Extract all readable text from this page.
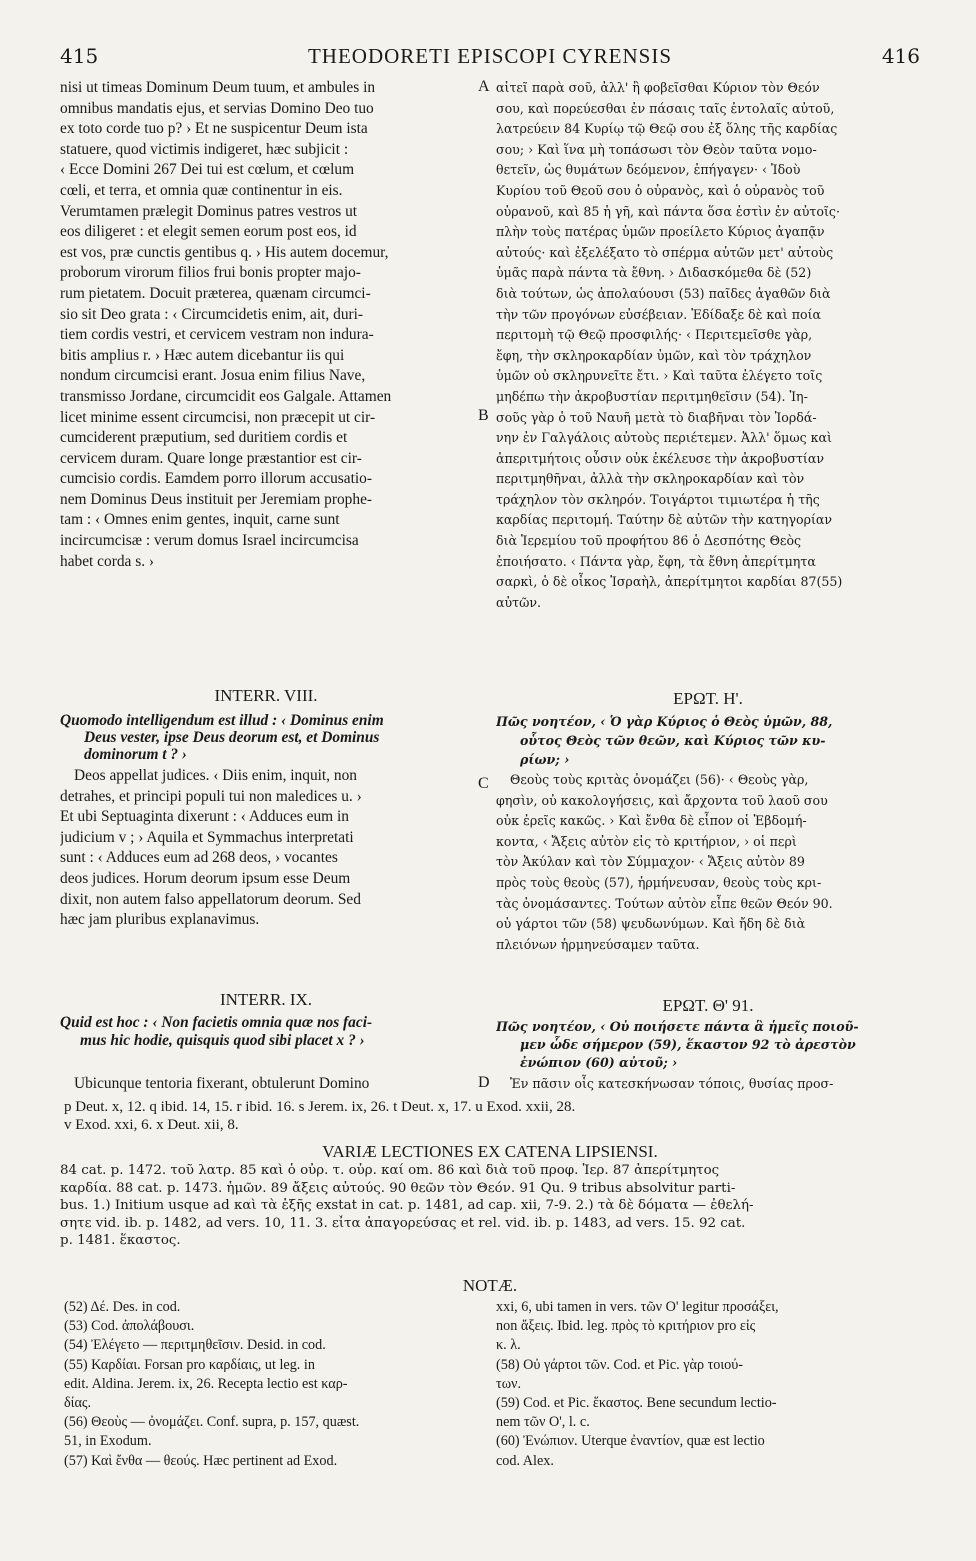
415	THEODORETI EPISCOPI CYRENSIS	416
A
B
C
D
nisi ut timeas Dominum Deum tuum, et ambules in
omnibus mandatis ejus, et servias Domino Deo tuo
ex toto corde tuo p? › Et ne suspicentur Deum ista
statuere, quod victimis indigeret, hæc subjicit :
‹ Ecce Domini 267 Dei tui est cœlum, et cœlum
cœli, et terra, et omnia quæ continentur in eis.
Verumtamen prælegit Dominus patres vestros ut
eos diligeret : et elegit semen eorum post eos, id
est vos, præ cunctis gentibus q. › His autem docemur,
proborum virorum filios frui bonis propter majo-
rum pietatem. Docuit præterea, quænam circumci-
sio sit Deo grata : ‹ Circumcidetis enim, ait, duri-
tiem cordis vestri, et cervicem vestram non indura-
bitis amplius r. › Hæc autem dicebantur iis qui
nondum circumcisi erant. Josua enim filius Nave,
transmisso Jordane, circumcidit eos Galgale. Attamen
licet minime essent circumcisi, non præcepit ut cir-
cumciderent præputium, sed duritiem cordis et
cervicem duram. Quare longe præstantior est cir-
cumcisio cordis. Eamdem porro illorum accusatio-
nem Dominus Deus instituit per Jeremiam prophe-
tam : ‹ Omnes enim gentes, inquit, carne sunt
incircumcisæ : verum domus Israel incircumcisa
habet corda s. ›
αἰτεῖ παρὰ σοῦ, ἀλλ' ἢ φοβεῖσθαι Κύριον τὸν Θεόν
σου, καὶ πορεύεσθαι ἐν πάσαις ταῖς ἐντολαῖς αὐτοῦ,
λατρεύειν 84 Κυρίῳ τῷ Θεῷ σου ἐξ ὅλης τῆς καρδίας
σου; › Καὶ ἵνα μὴ τοπάσωσι τὸν Θεὸν ταῦτα νομο-
θετεῖν, ὡς θυμάτων δεόμενον, ἐπήγαγεν· ‹ Ἰδοὺ
Κυρίου τοῦ Θεοῦ σου ὁ οὐρανὸς, καὶ ὁ οὐρανὸς τοῦ
οὐρανοῦ, καὶ 85 ἡ γῆ, καὶ πάντα ὅσα ἐστὶν ἐν αὐτοῖς·
πλὴν τοὺς πατέρας ὑμῶν προείλετο Κύριος ἀγαπᾷν
αὐτούς· καὶ ἐξελέξατο τὸ σπέρμα αὐτῶν μετ' αὐτοὺς
ὑμᾶς παρὰ πάντα τὰ ἔθνη. › Διδασκόμεθα δὲ (52)
διὰ τούτων, ὡς ἀπολαύουσι (53) παῖδες ἀγαθῶν διὰ
τὴν τῶν προγόνων εὐσέβειαν. Ἐδίδαξε δὲ καὶ ποία
περιτομὴ τῷ Θεῷ προσφιλής· ‹ Περιτεμεῖσθε γὰρ,
ἔφη, τὴν σκληροκαρδίαν ὑμῶν, καὶ τὸν τράχηλον
ὑμῶν οὐ σκληρυνεῖτε ἔτι. › Καὶ ταῦτα ἐλέγετο τοῖς
μηδέπω τὴν ἀκροβυστίαν περιτμηθεῖσιν (54). Ἰη-
σοῦς γὰρ ὁ τοῦ Ναυῆ μετὰ τὸ διαβῆναι τὸν Ἰορδά-
νην ἐν Γαλγάλοις αὐτοὺς περιέτεμεν. Ἀλλ' ὅμως καὶ
ἀπεριτμήτοις οὖσιν οὐκ ἐκέλευσε τὴν ἀκροβυστίαν
περιτμηθῆναι, ἀλλὰ τὴν σκληροκαρδίαν καὶ τὸν
τράχηλον τὸν σκληρόν. Τοιγάρτοι τιμιωτέρα ἡ τῆς
καρδίας περιτομή. Ταύτην δὲ αὐτῶν τὴν κατηγορίαν
διὰ Ἱερεμίου τοῦ προφήτου 86 ὁ Δεσπότης Θεὸς
ἐποιήσατο. ‹ Πάντα γὰρ, ἔφη, τὰ ἔθνη ἀπερίτμητα
σαρκὶ, ὁ δὲ οἶκος Ἰσραὴλ, ἀπερίτμητοι καρδίαι 87(55)
αὐτῶν.
INTERR. VIII.	ΕΡΩΤ. Η'.
Quomodo intelligendum est illud : ‹ Dominus enim
Deus vester, ipse Deus deorum est, et Dominus
dominorum t ? ›
Πῶς νοητέον, ‹ Ὁ γὰρ Κύριος ὁ Θεὸς ὑμῶν, 88,
οὗτος Θεὸς τῶν θεῶν, καὶ Κύριος τῶν κυ-
ρίων; ›
Deos appellat judices. ‹ Diis enim, inquit, non
detrahes, et principi populi tui non maledices u. ›
Et ubi Septuaginta dixerunt : ‹ Adduces eum in
judicium v ; › Aquila et Symmachus interpretati
sunt : ‹ Adduces eum ad 268 deos, › vocantes
deos judices. Horum deorum ipsum esse Deum
dixit, non autem falso appellatorum deorum. Sed
hæc jam pluribus explanavimus.
Θεοὺς τοὺς κριτὰς ὀνομάζει (56)· ‹ Θεοὺς γὰρ,
φησὶν, οὐ κακολογήσεις, καὶ ἄρχοντα τοῦ λαοῦ σου
οὐκ ἐρεῖς κακῶς. › Καὶ ἔνθα δὲ εἶπον οἱ Ἑβδομή-
κοντα, ‹ Ἄξεις αὐτὸν εἰς τὸ κριτήριον, › οἱ περὶ
τὸν Ἀκύλαν καὶ τὸν Σύμμαχον· ‹ Ἄξεις αὐτὸν 89
πρὸς τοὺς θεοὺς (57), ἡρμήνευσαν, θεοὺς τοὺς κρι-
τὰς ὀνομάσαντες. Τούτων αὐτὸν εἶπε θεῶν Θεόν 90.
οὐ γάρτοι τῶν (58) ψευδωνύμων. Καὶ ἤδη δὲ διὰ
πλειόνων ἡρμηνεύσαμεν ταῦτα.
INTERR. IX.	ΕΡΩΤ. Θ' 91.
Quid est hoc : ‹ Non facietis omnia quæ nos faci-
mus hic hodie, quisquis quod sibi placet x ? ›
Πῶς νοητέον, ‹ Οὐ ποιήσετε πάντα ἃ ἡμεῖς ποιοῦ-
μεν ὧδε σήμερον (59), ἕκαστον 92 τὸ ἀρεστὸν
ἐνώπιον (60) αὐτοῦ; ›
Ubicunque tentoria fixerant, obtulerunt Domino	Ἐν πᾶσιν οἷς κατεσκήνωσαν τόποις, θυσίας προσ-
p Deut. x, 12. q ibid. 14, 15. r ibid. 16. s Jerem. ix, 26. t Deut. x, 17. u Exod. xxii, 28.
v Exod. xxi, 6. x Deut. xii, 8.
VARIÆ LECTIONES EX CATENA LIPSIENSI.
84 cat. p. 1472. τοῦ λατρ. 85 καὶ ὁ οὐρ. τ. οὐρ. καί om. 86 καὶ διὰ τοῦ προφ. Ἱερ. 87 ἀπερίτμητος
καρδία. 88 cat. p. 1473. ἡμῶν. 89 ἄξεις αὐτούς. 90 θεῶν τὸν Θεόν. 91 Qu. 9 tribus absolvitur parti-
bus. 1.) Initium usque ad καὶ τὰ ἑξῆς exstat in cat. p. 1481, ad cap. xii, 7-9. 2.) τὰ δὲ δόματα — ἐθελή-
σητε vid. ib. p. 1482, ad vers. 10, 11. 3. εἶτα ἀπαγορεύσας et rel. vid. ib. p. 1483, ad vers. 15. 92 cat.
p. 1481. ἕκαστος.
NOTÆ.
(52) Δέ. Des. in cod.
(53) Cod. ἀπολάβουσι.
(54) Ἐλέγετο — περιτμηθεῖσιν. Desid. in cod.
(55) Καρδίαι. Forsan pro καρδίαις, ut leg. in
edit. Aldina. Jerem. ix, 26. Recepta lectio est καρ-
δίας.
(56) Θεοὺς — ὀνομάζει. Conf. supra, p. 157, quæst.
51, in Exodum.
(57) Καὶ ἔνθα — θεούς. Hæc pertinent ad Exod.
xxi, 6, ubi tamen in vers. τῶν Ο' legitur προσάξει,
non ἄξεις. Ibid. leg. πρὸς τὸ κριτήριον pro εἰς
κ. λ.
(58) Οὐ γάρτοι τῶν. Cod. et Pic. γὰρ τοιού-
των.
(59) Cod. et Pic. ἕκαστος. Bene secundum lectio-
nem τῶν Ο', l. c.
(60) Ἐνώπιον. Uterque ἐναντίον, quæ est lectio
cod. Alex.
